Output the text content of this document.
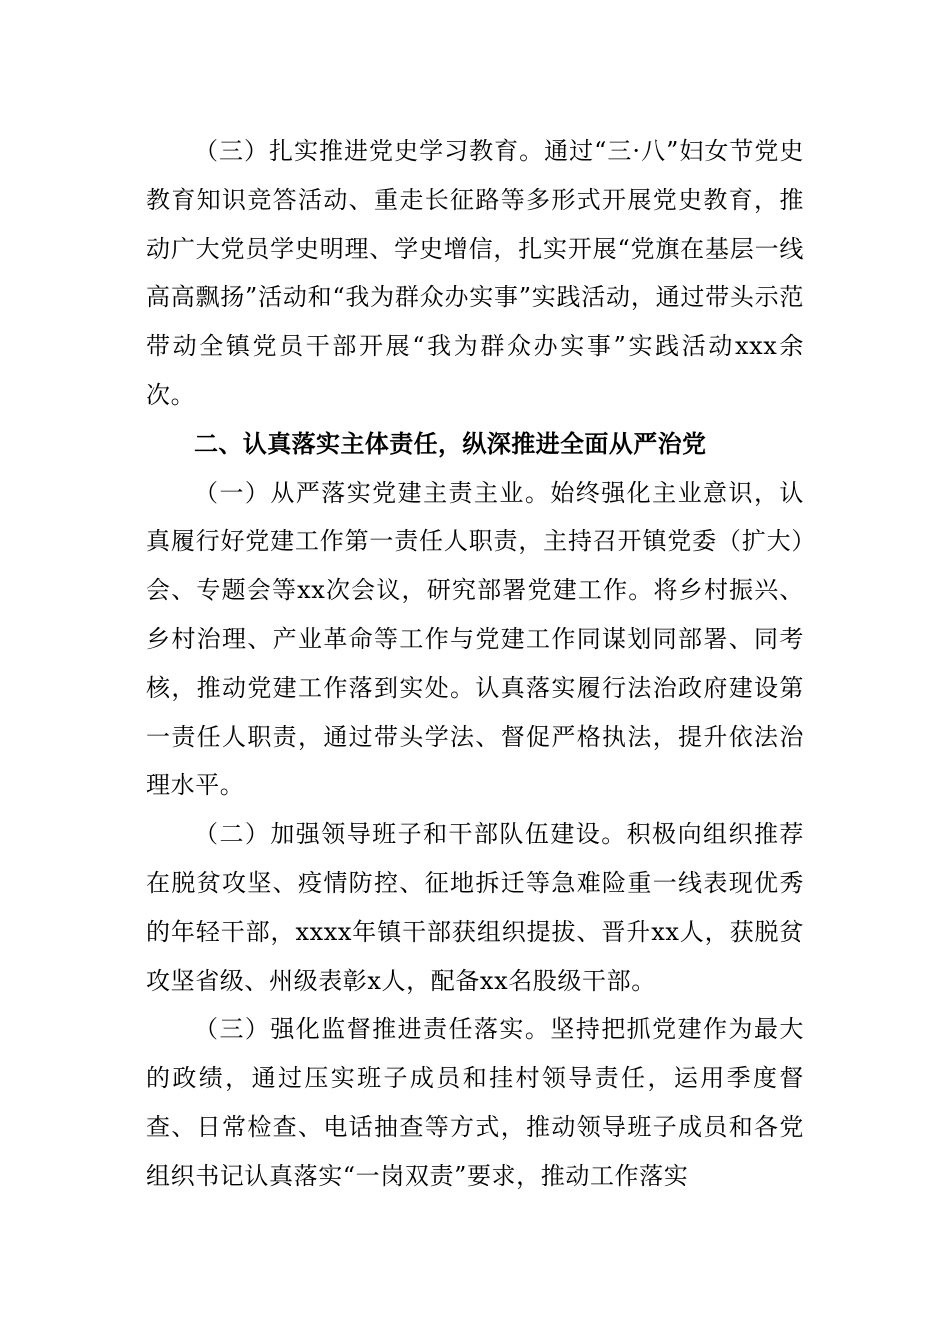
（三）扎实推进党史学习教育。通过“三·八”妇女节党史教育知识竞答活动、重走长征路等多形式开展党史教育，推动广大党员学史明理、学史增信，扎实开展“党旗在基层一线高高飘扬”活动和“我为群众办实事”实践活动，通过带头示范带动全镇党员干部开展“我为群众办实事”实践活动xxx余次。

二、认真落实主体责任，纵深推进全面从严治党

（一）从严落实党建主责主业。始终强化主业意识，认真履行好党建工作第一责任人职责，主持召开镇党委（扩大）会、专题会等xx次会议，研究部署党建工作。将乡村振兴、乡村治理、产业革命等工作与党建工作同谋划同部署、同考核，推动党建工作落到实处。认真落实履行法治政府建设第一责任人职责，通过带头学法、督促严格执法，提升依法治理水平。

（二）加强领导班子和干部队伍建设。积极向组织推荐在脱贫攻坚、疫情防控、征地拆迁等急难险重一线表现优秀的年轻干部，xxxx年镇干部获组织提拔、晋升xx人，获脱贫攻坚省级、州级表彰x人，配备xx名股级干部。

（三）强化监督推进责任落实。坚持把抓党建作为最大的政绩，通过压实班子成员和挂村领导责任，运用季度督查、日常检查、电话抽查等方式，推动领导班子成员和各党组织书记认真落实“一岗双责”要求，推动工作落实
